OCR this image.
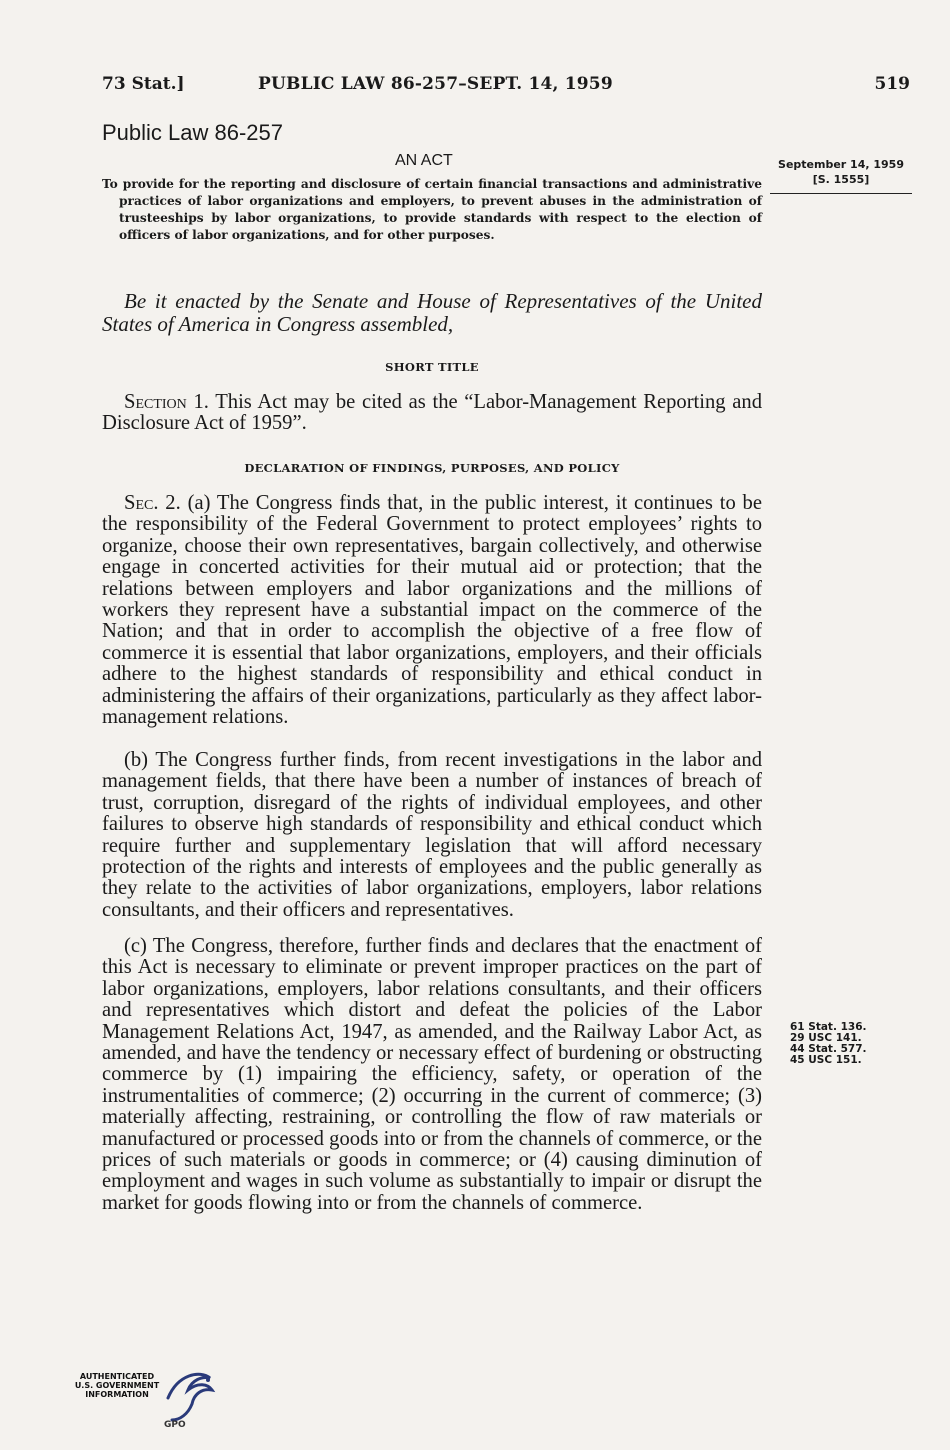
73 Stat.]	PUBLIC LAW 86-257–SEPT. 14, 1959	519
Public Law 86-257
September 14, 1959
[S. 1555]
AN ACT
To provide for the reporting and disclosure of certain financial transactions and administrative practices of labor organizations and employers, to prevent abuses in the administration of trusteeships by labor organizations, to provide standards with respect to the election of officers of labor organizations, and for other purposes.
Be it enacted by the Senate and House of Representatives of the United States of America in Congress assembled,
SHORT TITLE
Section 1. This Act may be cited as the “Labor-Management Reporting and Disclosure Act of 1959”.
DECLARATION OF FINDINGS, PURPOSES, AND POLICY
Sec. 2. (a) The Congress finds that, in the public interest, it continues to be the responsibility of the Federal Government to protect employees’ rights to organize, choose their own representatives, bargain collectively, and otherwise engage in concerted activities for their mutual aid or protection; that the relations between employers and labor organizations and the millions of workers they represent have a substantial impact on the commerce of the Nation; and that in order to accomplish the objective of a free flow of commerce it is essential that labor organizations, employers, and their officials adhere to the highest standards of responsibility and ethical conduct in administering the affairs of their organizations, particularly as they affect labor-management relations.
(b) The Congress further finds, from recent investigations in the labor and management fields, that there have been a number of instances of breach of trust, corruption, disregard of the rights of individual employees, and other failures to observe high standards of responsibility and ethical conduct which require further and supplementary legislation that will afford necessary protection of the rights and interests of employees and the public generally as they relate to the activities of labor organizations, employers, labor relations consultants, and their officers and representatives.
(c) The Congress, therefore, further finds and declares that the enactment of this Act is necessary to eliminate or prevent improper practices on the part of labor organizations, employers, labor relations consultants, and their officers and representatives which distort and defeat the policies of the Labor Management Relations Act, 1947, as amended, and the Railway Labor Act, as amended, and have the tendency or necessary effect of burdening or obstructing commerce by (1) impairing the efficiency, safety, or operation of the instrumentalities of commerce; (2) occurring in the current of commerce; (3) materially affecting, restraining, or controlling the flow of raw materials or manufactured or processed goods into or from the channels of commerce, or the prices of such materials or goods in commerce; or (4) causing diminution of employment and wages in such volume as substantially to impair or disrupt the market for goods flowing into or from the channels of commerce.
61 Stat. 136.
29 USC 141.
44 Stat. 577.
45 USC 151.
AUTHENTICATED
U.S. GOVERNMENT
INFORMATION
GPO
